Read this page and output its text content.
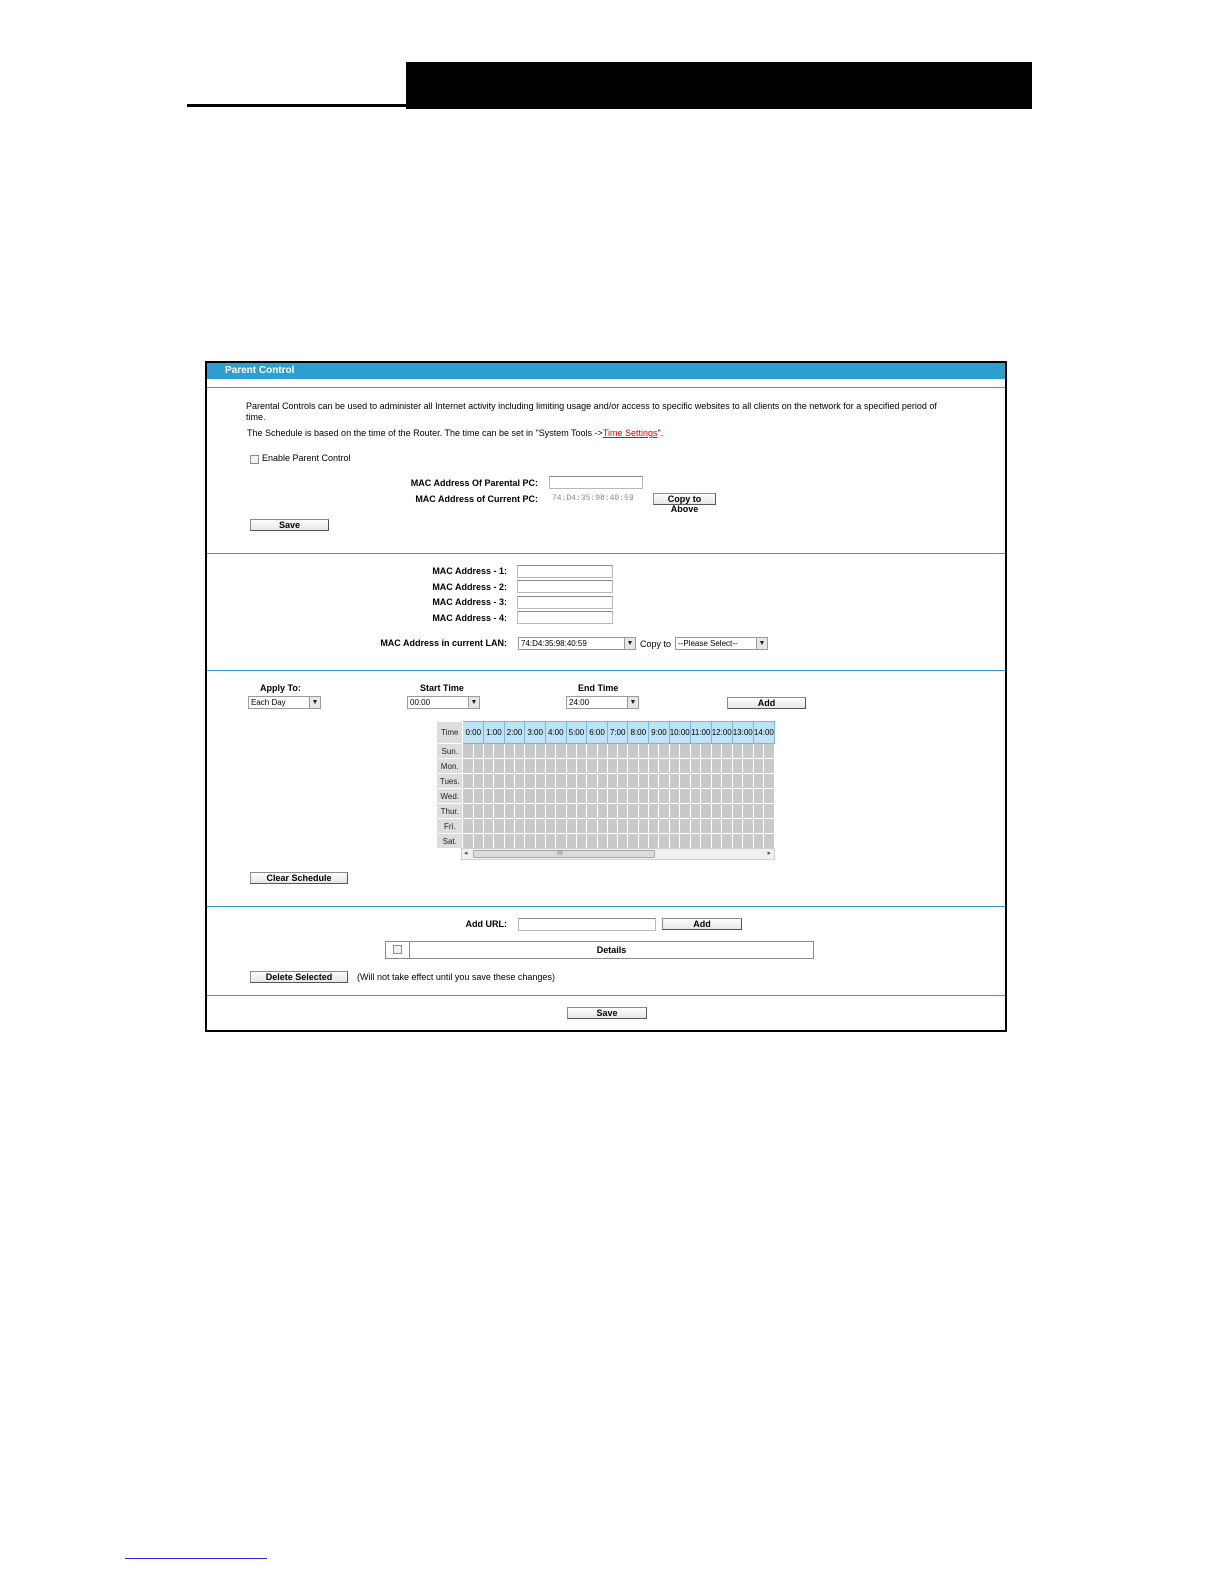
Parent Control
Parental Controls can be used to administer all Internet activity including limiting usage and/or access to specific websites to all clients on the network for a specified period of
time.
The Schedule is based on the time of the Router. The time can be set in "System Tools ->Time Settings".
Enable Parent Control
MAC Address Of Parental PC:
MAC Address of Current PC:	74:D4:35:98:40:59	Copy to Above
Save
MAC Address - 1:
MAC Address - 2:
MAC Address - 3:
MAC Address - 4:
MAC Address in current LAN:	74:D4:35:98:40:59	▼ Copy to --Please Select--	▼
Apply To:
Each Day	▼
Start Time
00:00	▼
End Time
24:00	▼	Add
Clear Schedule
Add URL:	Add
Delete Selected	(Will not take effect until you save these changes)
Save
Details
Time	0:00		1:00		2:00		3:00		4:00		5:00		6:00		7:00		8:00		9:00		10:00		11:00		12:00		13:00		14:00	
Sun.																														
Mon.																														
Tues.																														
Wed.																														
Thur.																														
Fri.																														
Sat.																														
◂	III	▸
